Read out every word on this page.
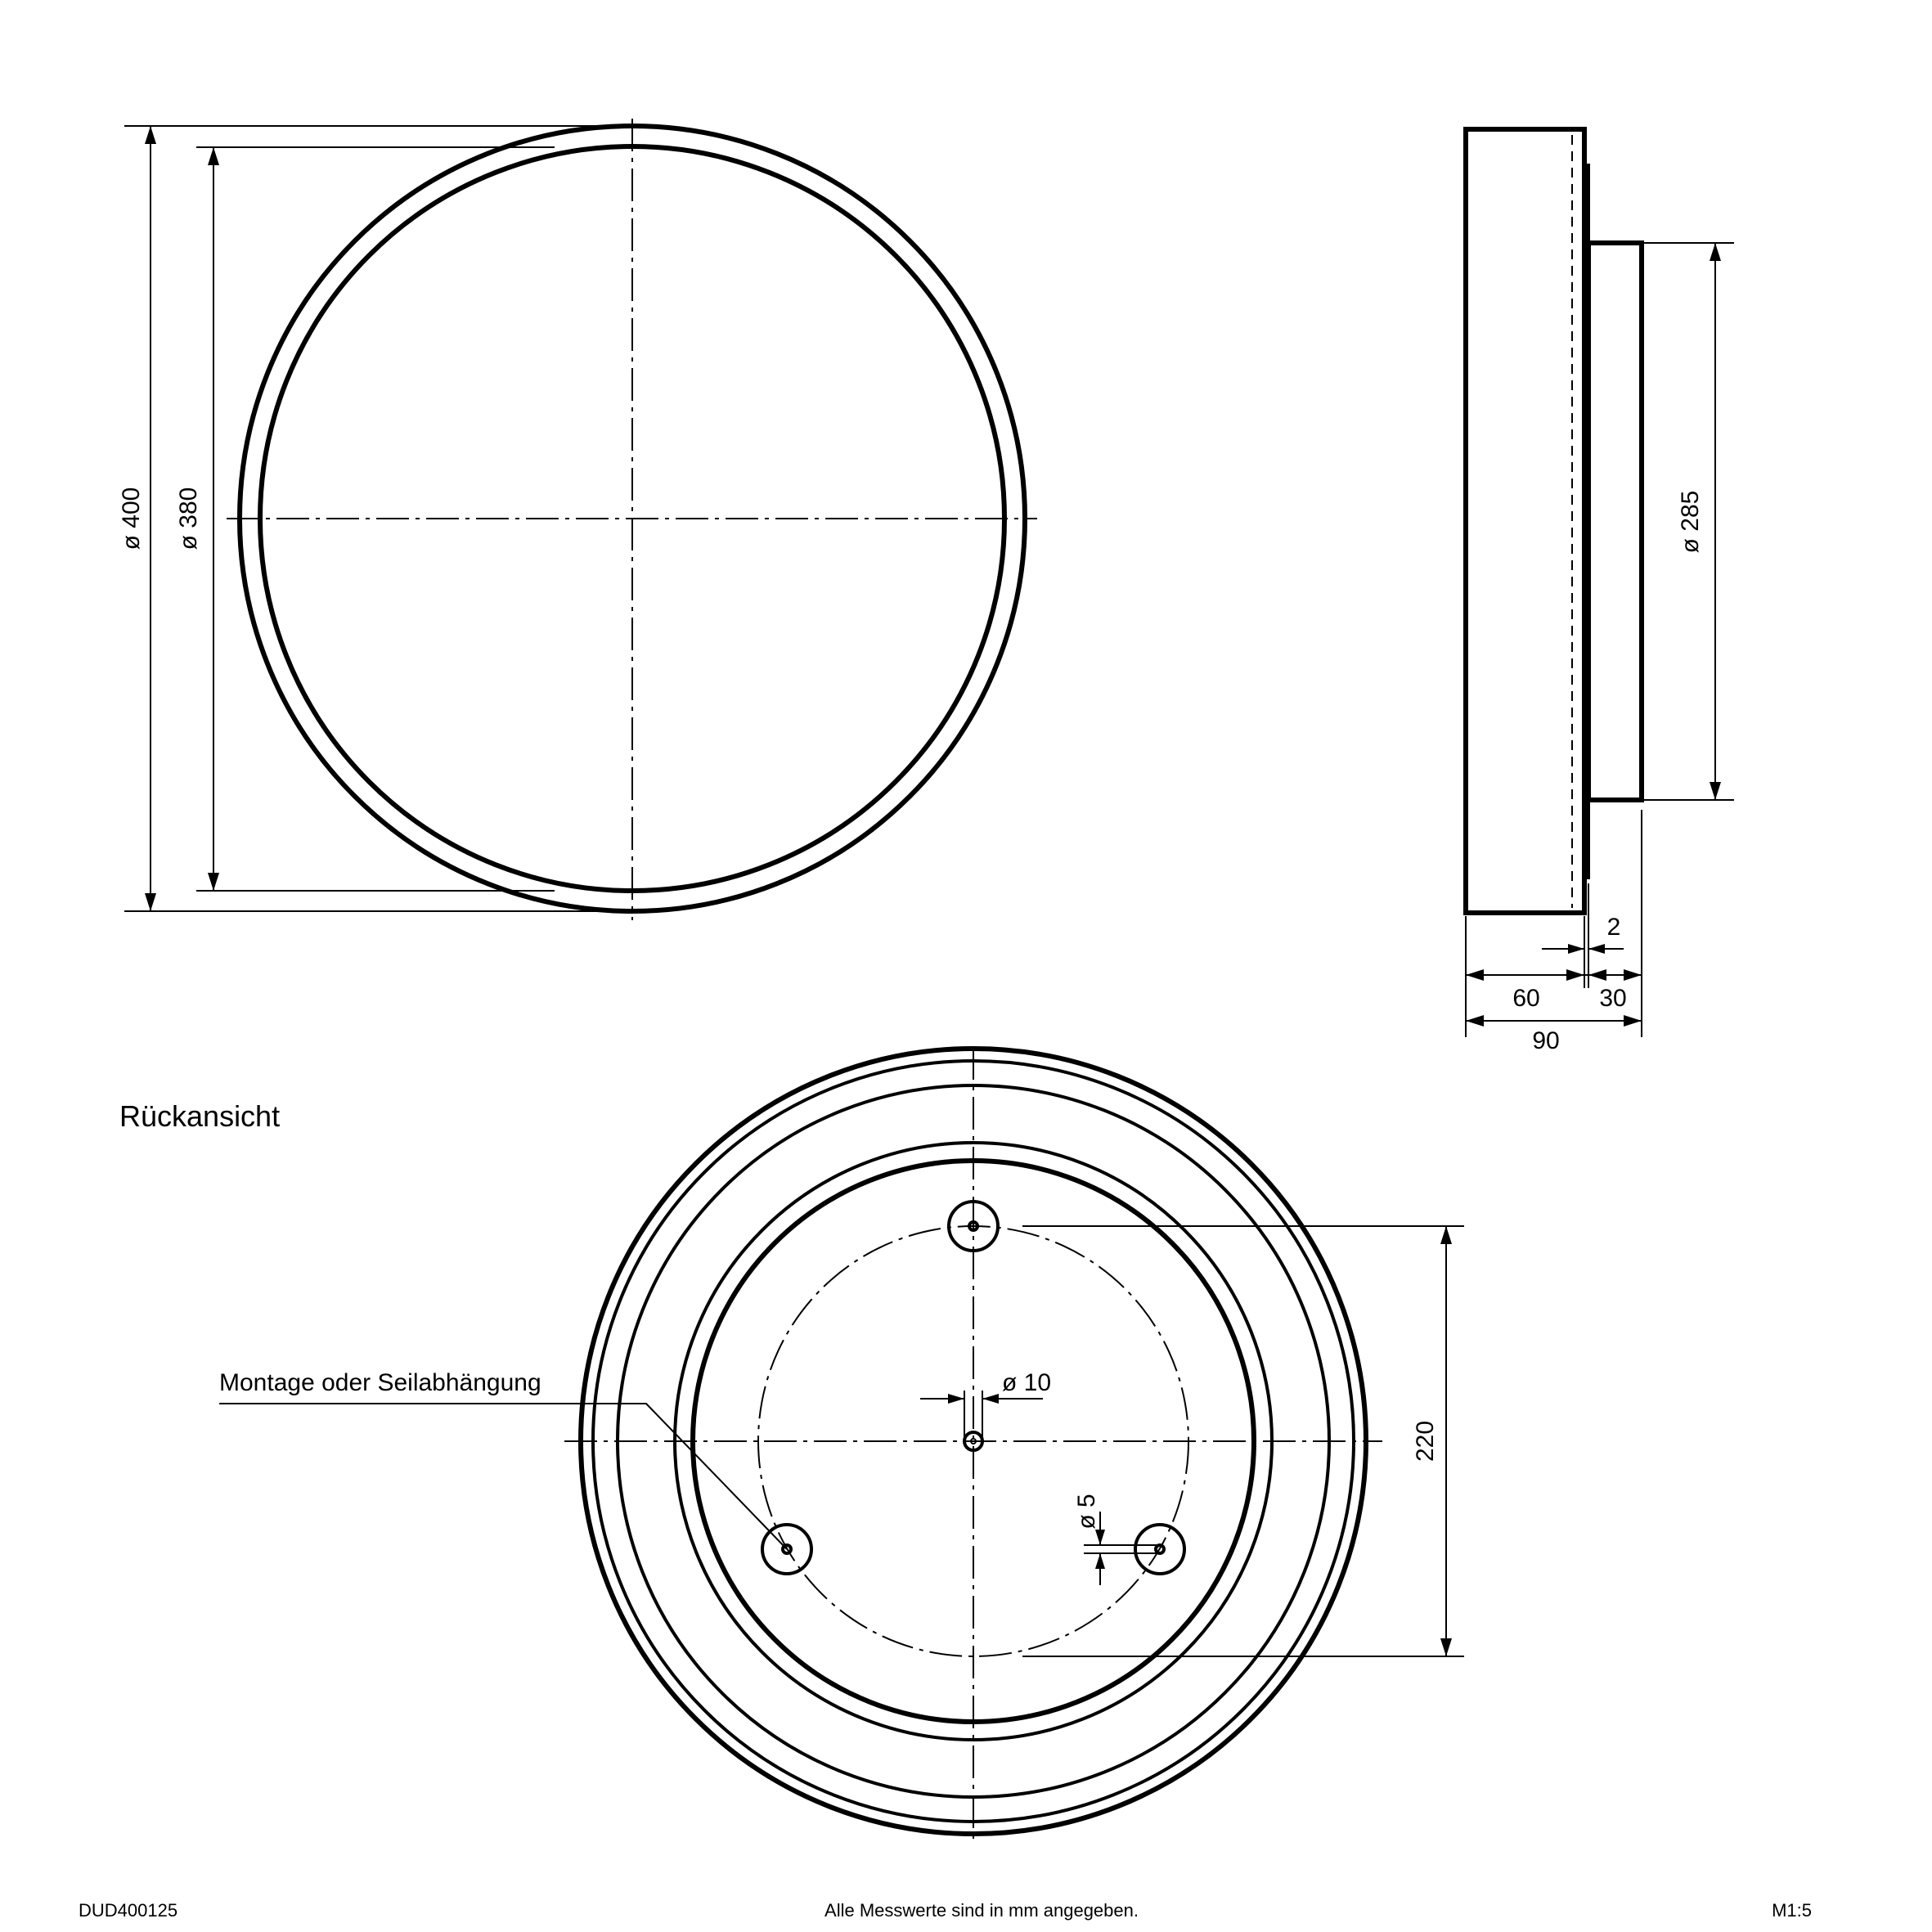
ø 400 ø 380	ø 285
2
60 30
90
Rückansicht
ø 10
ø 5
220
Montage oder Seilabhängung
DUD400125	Alle Messwerte sind in mm angegeben.	M1:5
